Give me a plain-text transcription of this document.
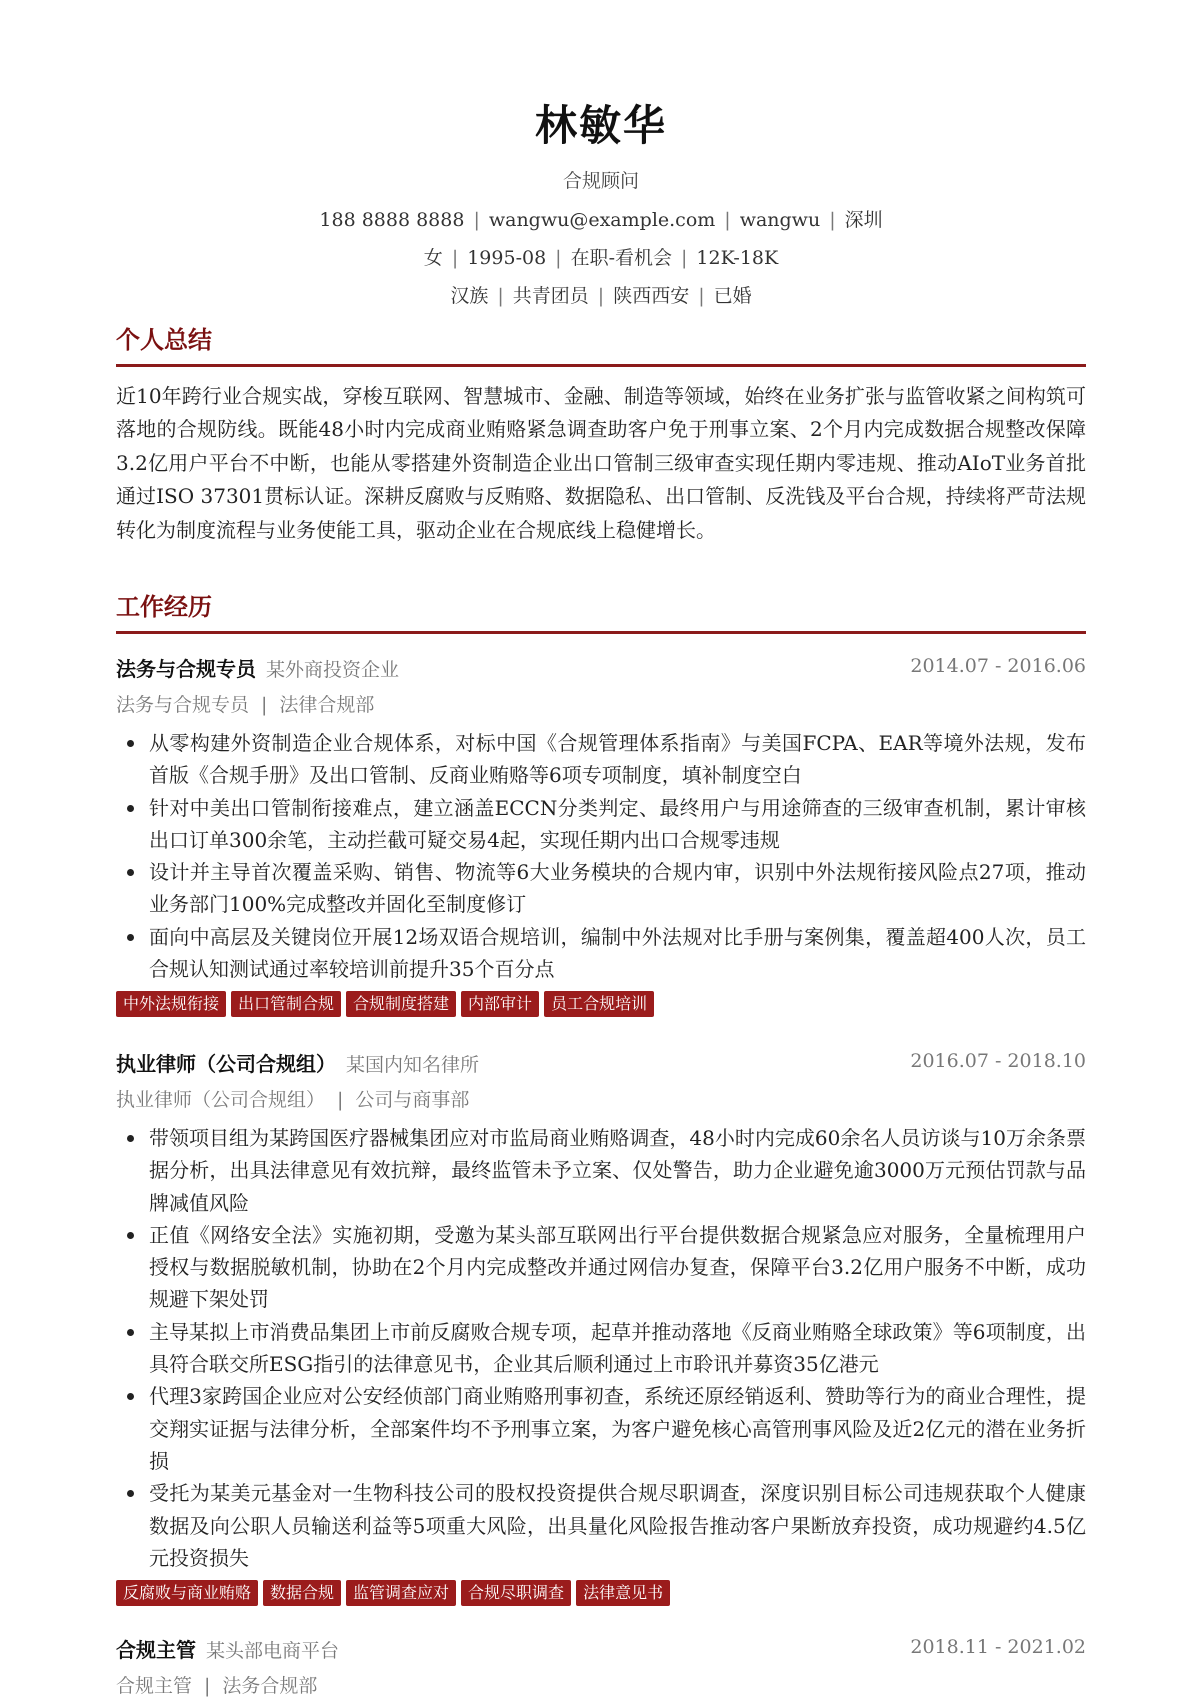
林敏华
合规顾问
188 8888 8888 | wangwu@example.com | wangwu | 深圳
女 | 1995-08 | 在职-看机会 | 12K-18K
汉族 | 共青团员 | 陕西西安 | 已婚
个人总结
近10年跨行业合规实战，穿梭互联网、智慧城市、金融、制造等领域，始终在业务扩张与监管收紧之间构筑可落地的合规防线。既能48小时内完成商业贿赂紧急调查助客户免于刑事立案、2个月内完成数据合规整改保障3.2亿用户平台不中断，也能从零搭建外资制造企业出口管制三级审查实现任期内零违规、推动AIoT业务首批通过ISO 37301贯标认证。深耕反腐败与反贿赂、数据隐私、出口管制、反洗钱及平台合规，持续将严苛法规转化为制度流程与业务使能工具，驱动企业在合规底线上稳健增长。
工作经历
法务与合规专员 某外商投资企业	2014.07 - 2016.06
法务与合规专员 | 法律合规部
从零构建外资制造企业合规体系，对标中国《合规管理体系指南》与美国FCPA、EAR等境外法规，发布首版《合规手册》及出口管制、反商业贿赂等6项专项制度，填补制度空白
针对中美出口管制衔接难点，建立涵盖ECCN分类判定、最终用户与用途筛查的三级审查机制，累计审核出口订单300余笔，主动拦截可疑交易4起，实现任期内出口合规零违规
设计并主导首次覆盖采购、销售、物流等6大业务模块的合规内审，识别中外法规衔接风险点27项，推动业务部门100%完成整改并固化至制度修订
面向中高层及关键岗位开展12场双语合规培训，编制中外法规对比手册与案例集，覆盖超400人次，员工合规认知测试通过率较培训前提升35个百分点
中外法规衔接 出口管制合规 合规制度搭建 内部审计 员工合规培训
执业律师（公司合规组） 某国内知名律所	2016.07 - 2018.10
执业律师（公司合规组） | 公司与商事部
带领项目组为某跨国医疗器械集团应对市监局商业贿赂调查，48小时内完成60余名人员访谈与10万余条票据分析，出具法律意见有效抗辩，最终监管未予立案、仅处警告，助力企业避免逾3000万元预估罚款与品牌减值风险
正值《网络安全法》实施初期，受邀为某头部互联网出行平台提供数据合规紧急应对服务，全量梳理用户授权与数据脱敏机制，协助在2个月内完成整改并通过网信办复查，保障平台3.2亿用户服务不中断，成功规避下架处罚
主导某拟上市消费品集团上市前反腐败合规专项，起草并推动落地《反商业贿赂全球政策》等6项制度，出具符合联交所ESG指引的法律意见书，企业其后顺利通过上市聆讯并募资35亿港元
代理3家跨国企业应对公安经侦部门商业贿赂刑事初查，系统还原经销返利、赞助等行为的商业合理性，提交翔实证据与法律分析，全部案件均不予刑事立案，为客户避免核心高管刑事风险及近2亿元的潜在业务折损
受托为某美元基金对一生物科技公司的股权投资提供合规尽职调查，深度识别目标公司违规获取个人健康数据及向公职人员输送利益等5项重大风险，出具量化风险报告推动客户果断放弃投资，成功规避约4.5亿元投资损失
反腐败与商业贿赂 数据合规 监管调查应对 合规尽职调查 法律意见书
合规主管 某头部电商平台	2018.11 - 2021.02
合规主管 | 法务合规部
